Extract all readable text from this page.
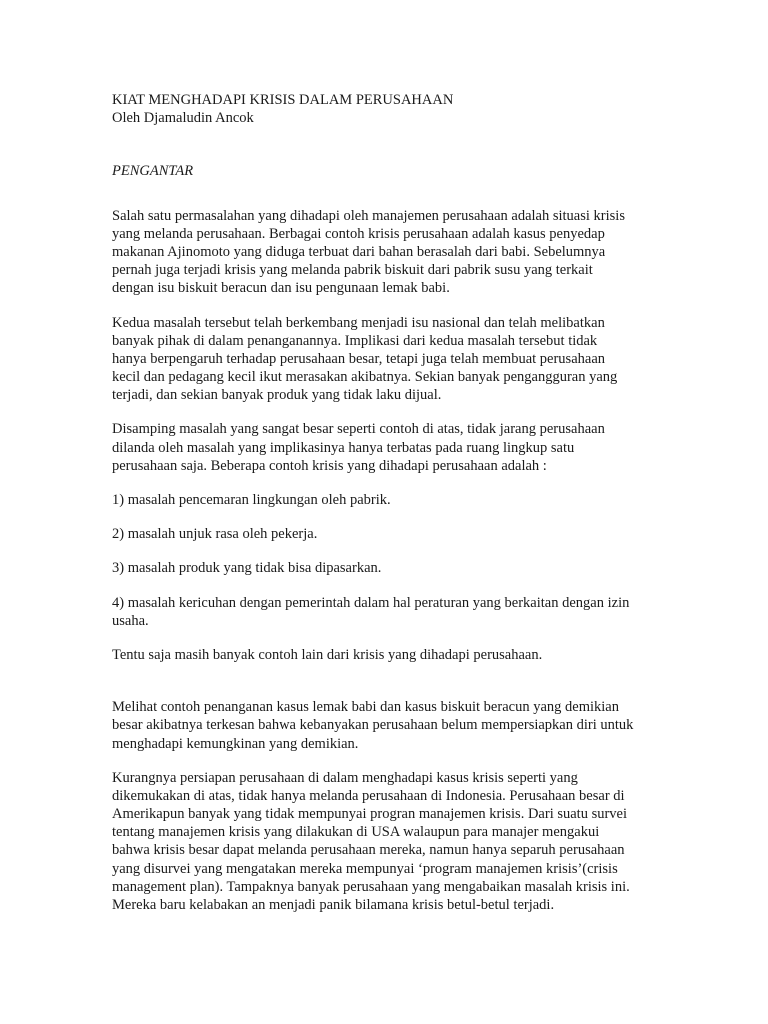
KIAT MENGHADAPI KRISIS DALAM PERUSAHAAN
Oleh Djamaludin Ancok
PENGANTAR
Salah satu permasalahan yang dihadapi oleh manajemen perusahaan adalah situasi krisis
yang melanda perusahaan. Berbagai contoh krisis perusahaan adalah kasus penyedap
makanan Ajinomoto yang diduga terbuat dari bahan berasalah dari babi. Sebelumnya
pernah juga terjadi krisis yang melanda pabrik biskuit dari pabrik susu yang terkait
dengan isu biskuit beracun dan isu pengunaan lemak babi.
Kedua masalah tersebut telah berkembang menjadi isu nasional dan telah melibatkan
banyak pihak di dalam penanganannya. Implikasi dari kedua masalah tersebut tidak
hanya berpengaruh terhadap perusahaan besar, tetapi juga telah membuat perusahaan
kecil dan pedagang kecil ikut merasakan akibatnya. Sekian banyak pengangguran yang
terjadi, dan sekian banyak produk yang tidak laku dijual.
Disamping masalah yang sangat besar seperti contoh di atas, tidak jarang perusahaan
dilanda oleh masalah yang implikasinya hanya terbatas pada ruang lingkup satu
perusahaan saja. Beberapa contoh krisis yang dihadapi perusahaan adalah :
1) masalah pencemaran lingkungan oleh pabrik.
2) masalah unjuk rasa oleh pekerja.
3) masalah produk yang tidak bisa dipasarkan.
4) masalah kericuhan dengan pemerintah dalam hal peraturan yang berkaitan dengan izin
usaha.
Tentu saja masih banyak contoh lain dari krisis yang dihadapi perusahaan.
Melihat contoh penanganan kasus lemak babi dan kasus biskuit beracun yang demikian
besar akibatnya terkesan bahwa kebanyakan perusahaan belum mempersiapkan diri untuk
menghadapi kemungkinan yang demikian.
Kurangnya persiapan perusahaan di dalam menghadapi kasus krisis seperti yang
dikemukakan di atas, tidak hanya melanda perusahaan di Indonesia. Perusahaan besar di
Amerikapun banyak yang tidak mempunyai progran manajemen krisis. Dari suatu survei
tentang manajemen krisis yang dilakukan di USA walaupun para manajer mengakui
bahwa krisis besar dapat melanda perusahaan mereka, namun hanya separuh perusahaan
yang disurvei yang mengatakan mereka mempunyai ‘program manajemen krisis’(crisis
management plan). Tampaknya banyak perusahaan yang mengabaikan masalah krisis ini.
Mereka baru kelabakan an menjadi panik bilamana krisis betul-betul terjadi.
